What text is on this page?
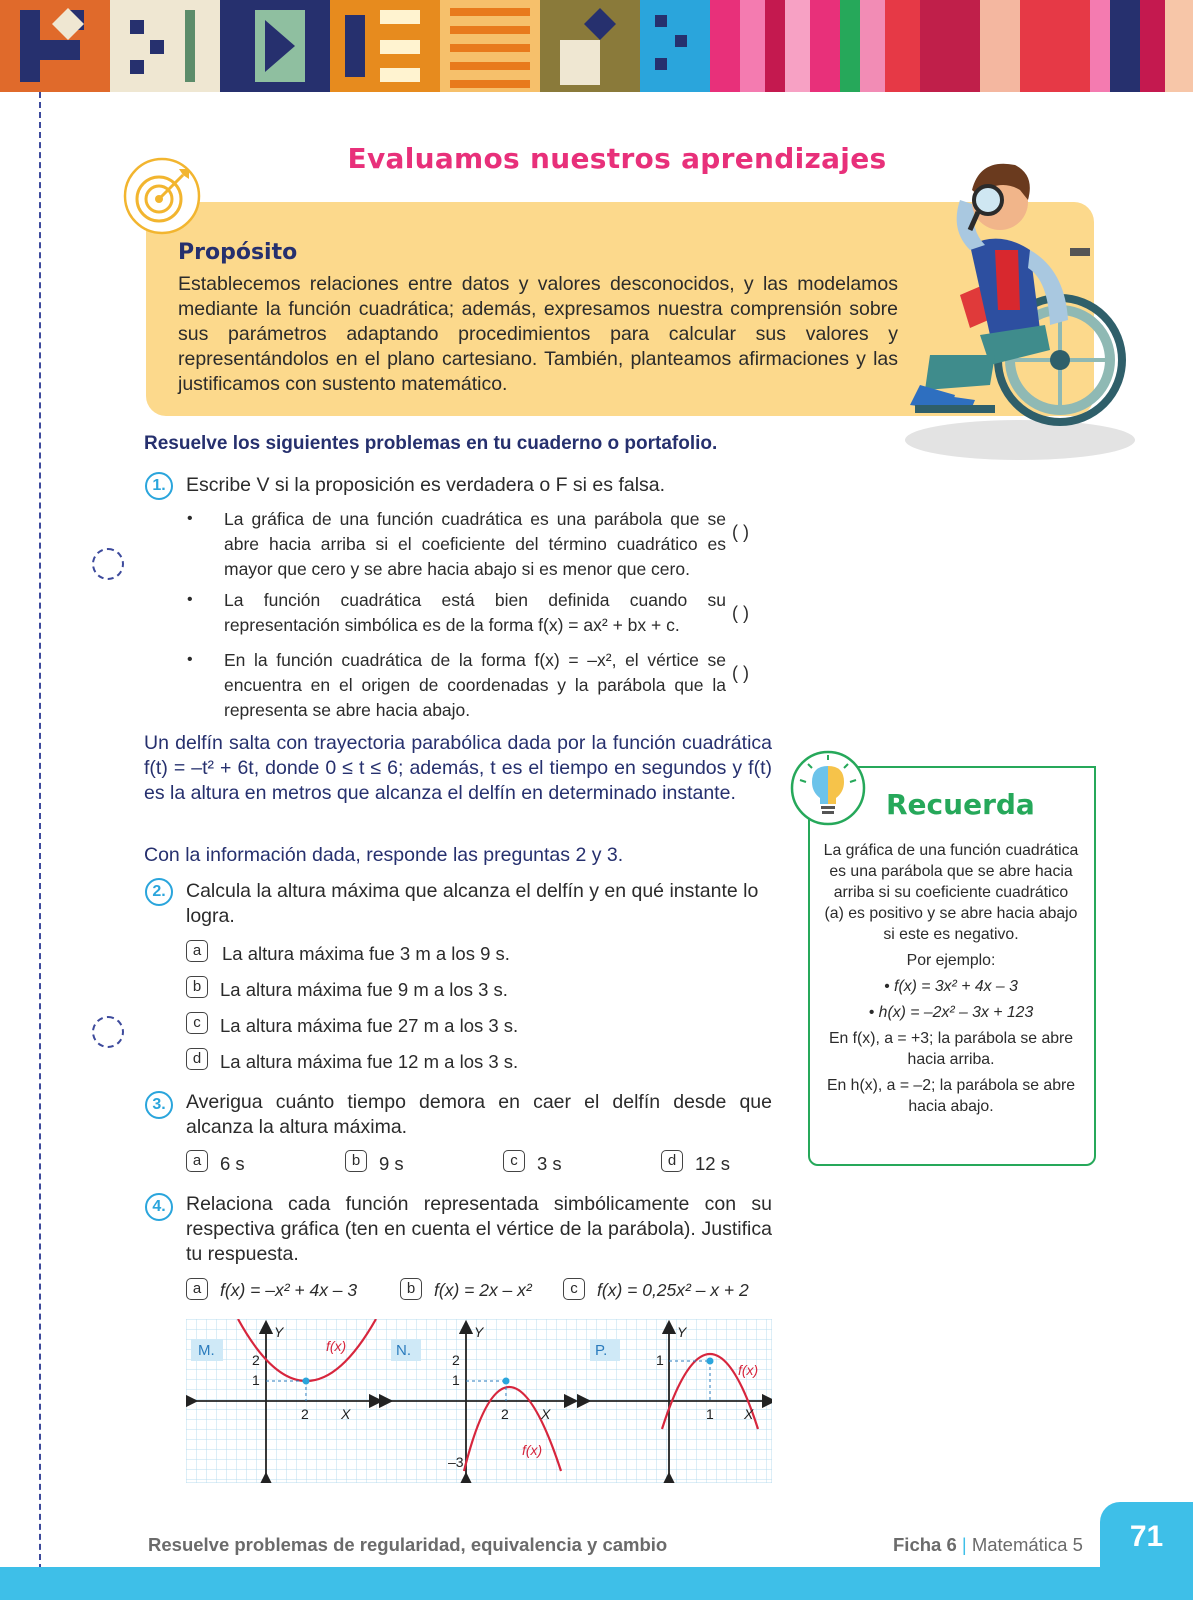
Evaluamos nuestros aprendizajes
Propósito
Establecemos relaciones entre datos y valores desconocidos, y las modelamos mediante la función cuadrática; además, expresamos nuestra comprensión sobre sus parámetros adaptando procedimientos para calcular sus valores y representándolos en el plano cartesiano. También, planteamos afirmaciones y las justificamos con sustento matemático.
Resuelve los siguientes problemas en tu cuaderno o portafolio.
1.	Escribe V si la proposición es verdadera o F si es falsa.
• La gráfica de una función cuadrática es una parábola que se abre hacia arriba si el coeficiente del término cuadrático es mayor que cero y se abre hacia abajo si es menor que cero.
( )
• La función cuadrática está bien definida cuando su representación simbólica es de la forma f(x) = ax² + bx + c.
( )
• En la función cuadrática de la forma f(x) = –x², el vértice se encuentra en el origen de coordenadas y la parábola que la representa se abre hacia abajo.
( )
Un delfín salta con trayectoria parabólica dada por la función cuadrática f(t) = –t² + 6t, donde 0 ≤ t ≤ 6; además, t es el tiempo en segundos y f(t) es la altura en metros que alcanza el delfín en determinado instante.
Con la información dada, responde las preguntas 2 y 3.
2.	Calcula la altura máxima que alcanza el delfín y en qué instante lo logra.
a	La altura máxima fue 3 m a los 9 s.
b	La altura máxima fue 9 m a los 3 s.
c	La altura máxima fue 27 m a los 3 s.
d	La altura máxima fue 12 m a los 3 s.
3.	Averigua cuánto tiempo demora en caer el delfín desde que alcanza la altura máxima.
a	6 s	b	9 s	c	3 s	d	12 s
4.	Relaciona cada función representada simbólicamente con su respectiva gráfica (ten en cuenta el vértice de la parábola). Justifica tu respuesta.
a	f(x) = –x² + 4x – 3	b	f(x) = 2x – x²	c	f(x) = 0,25x² – x + 2
M.
2
1
2 X
Y
f(x)	N.
2
1
–3
2 X
Y
f(x)
P.
1
1 X
Y
f(x)
Recuerda

La gráfica de una función cuadrática es una parábola que se abre hacia arriba si su coeficiente cuadrático (a) es positivo y se abre hacia abajo si este es negativo.

Por ejemplo:

• f(x) = 3x² + 4x – 3

• h(x) = –2x² – 3x + 123

En f(x), a = +3; la parábola se abre hacia arriba.

En h(x), a = –2; la parábola se abre hacia abajo.

71
Resuelve problemas de regularidad, equivalencia y cambio	Ficha 6 | Matemática 5
